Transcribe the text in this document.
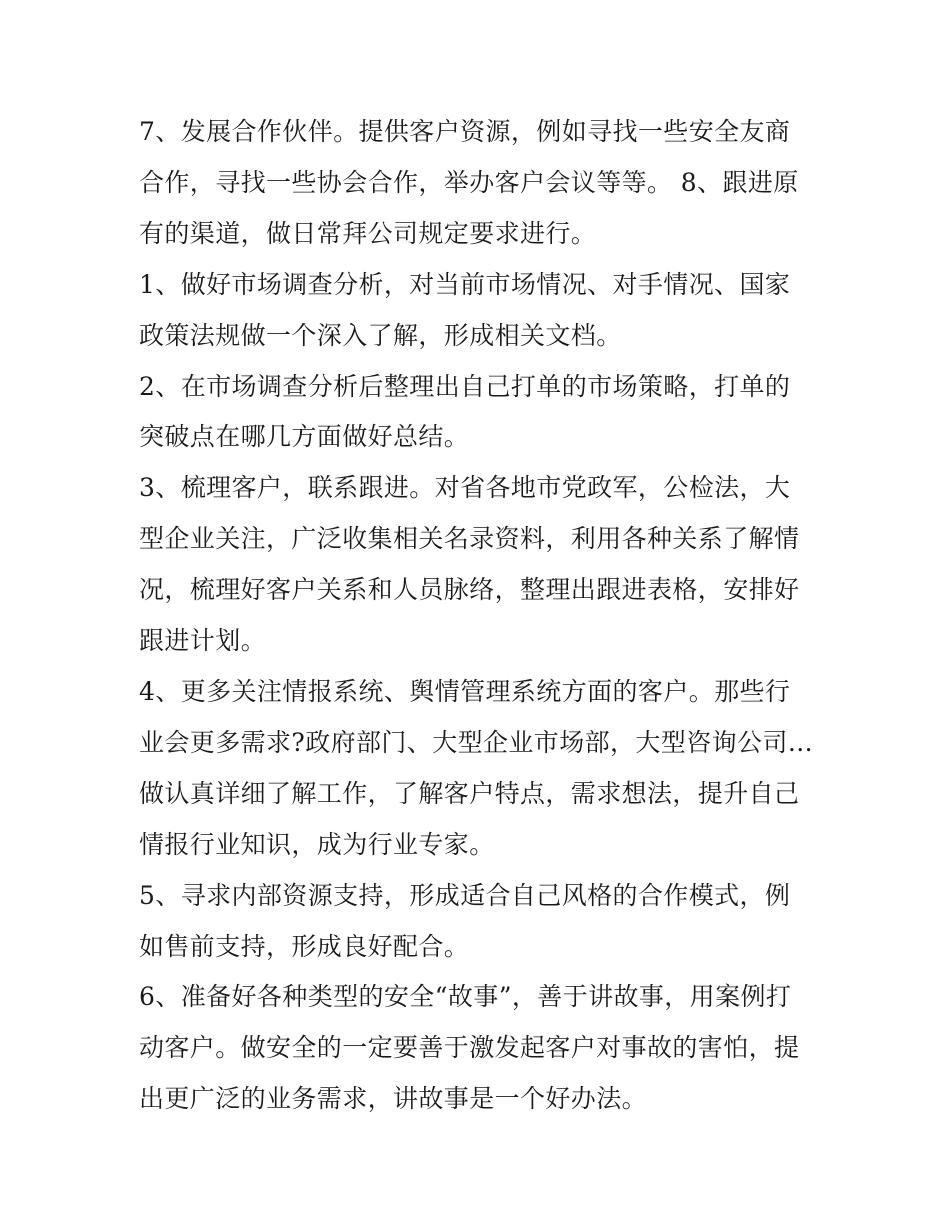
7、发展合作伙伴。提供客户资源，例如寻找一些安全友商合作，寻找一些协会合作，举办客户会议等等。 8、跟进原有的渠道，做日常拜公司规定要求进行。

1、做好市场调查分析，对当前市场情况、对手情况、国家政策法规做一个深入了解，形成相关文档。

2、在市场调查分析后整理出自己打单的市场策略，打单的突破点在哪几方面做好总结。

3、梳理客户，联系跟进。对省各地市党政军，公检法，大型企业关注，广泛收集相关名录资料，利用各种关系了解情况，梳理好客户关系和人员脉络，整理出跟进表格，安排好跟进计划。

4、更多关注情报系统、舆情管理系统方面的客户。那些行业会更多需求?政府部门、大型企业市场部，大型咨询公司…做认真详细了解工作，了解客户特点，需求想法，提升自己情报行业知识，成为行业专家。

5、寻求内部资源支持，形成适合自己风格的合作模式，例如售前支持，形成良好配合。

6、准备好各种类型的安全“故事”，善于讲故事，用案例打动客户。做安全的一定要善于激发起客户对事故的害怕，提出更广泛的业务需求，讲故事是一个好办法。
